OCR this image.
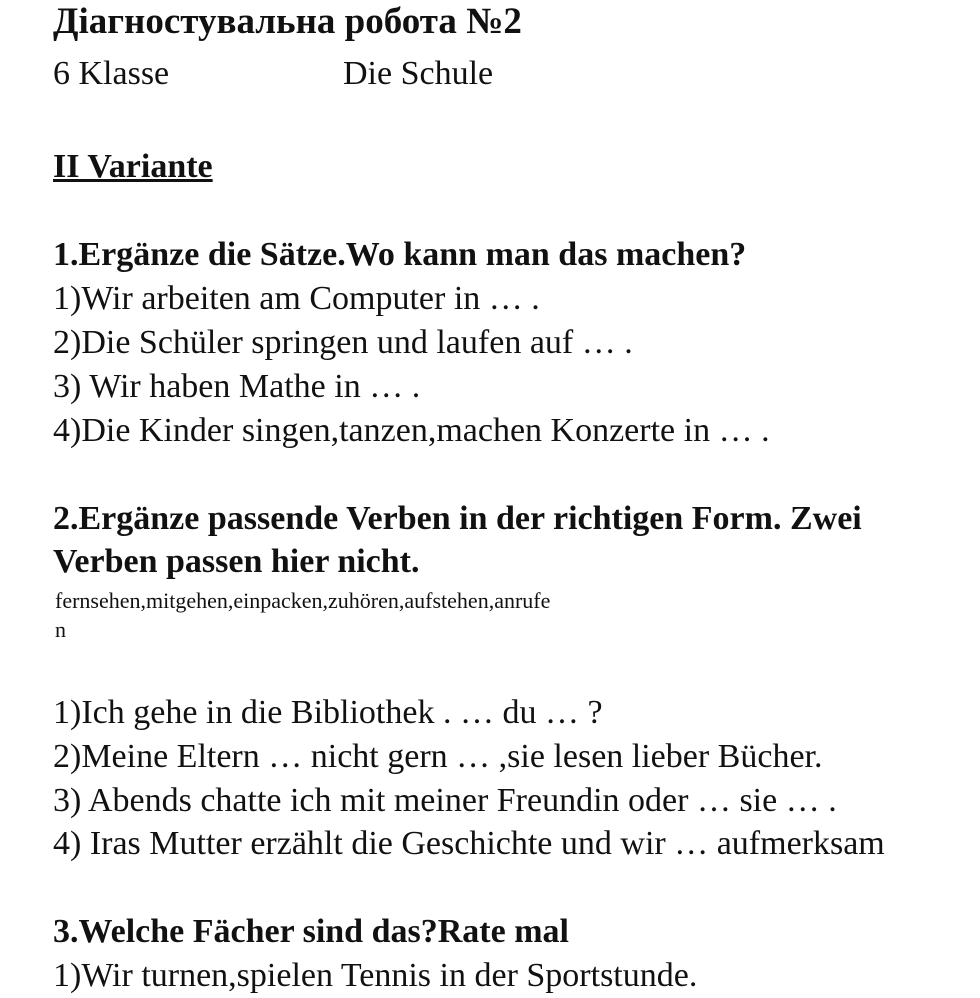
Діагностувальна робота №2
6 Klasse	Die Schule
II Variante
1.Ergänze die Sätze.Wo kann man das machen?
1)Wir arbeiten am Computer in … .
2)Die Schüler springen und laufen auf … .
3) Wir haben Mathe in … .
4)Die Kinder singen,tanzen,machen Konzerte in … .
2.Ergänze passende Verben in der richtigen Form. Zwei
Verben passen hier nicht.
fernsehen,mitgehen,einpacken,zuhören,aufstehen,anrufe
n
1)Ich gehe in die Bibliothek . … du … ?
2)Meine Eltern … nicht gern … ,sie lesen lieber Bücher.
3) Abends chatte ich mit meiner Freundin oder … sie … .
4) Iras Mutter erzählt die Geschichte und wir … aufmerksam
3.Welche Fächer sind das?Rate mal
1)Wir turnen,spielen Tennis in der Sportstunde.
